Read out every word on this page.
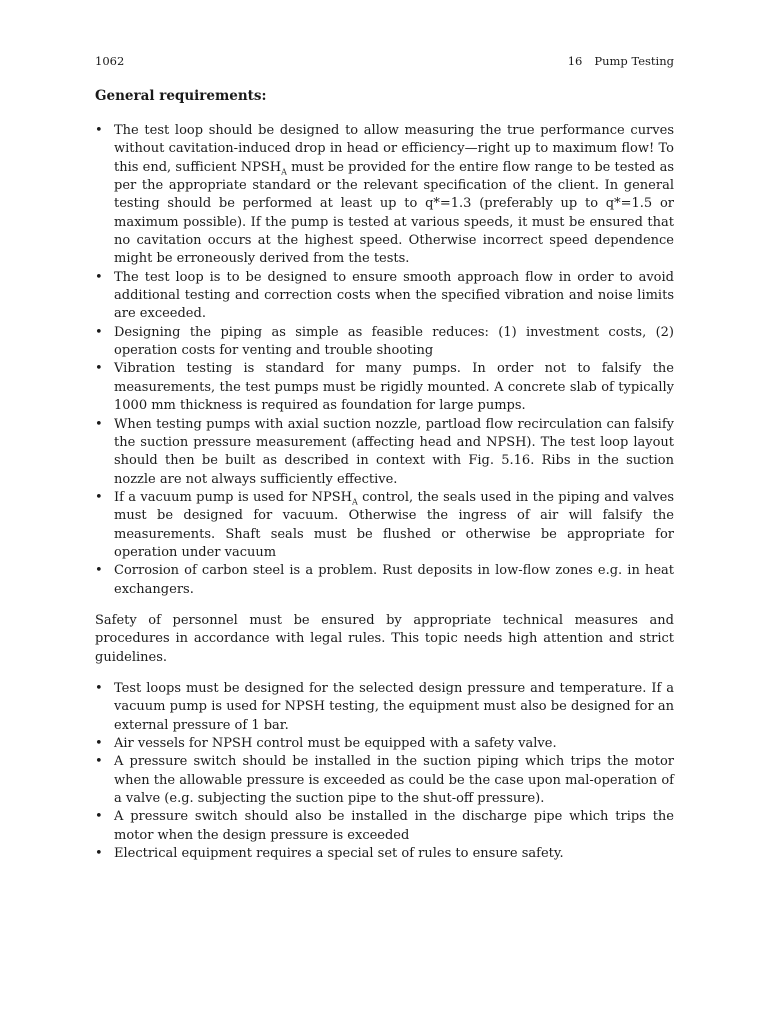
1062	16 Pump Testing
General requirements:
• The test loop should be designed to allow measuring the true performance curves without cavitation-induced drop in head or efficiency—right up to maximum flow! To this end, sufficient $NPSH_A$ must be provided for the entire flow range to be tested as per the appropriate standard or the relevant specification of the client. In general testing should be performed at least up to q*=1.3 (preferably up to q*=1.5 or maximum possible). If the pump is tested at various speeds, it must be ensured that no cavitation occurs at the highest speed. Otherwise incorrect speed dependence might be erroneously derived from the tests.
• The test loop is to be designed to ensure smooth approach flow in order to avoid additional testing and correction costs when the specified vibration and noise limits are exceeded.
• Designing the piping as simple as feasible reduces: (1) investment costs, (2) operation costs for venting and trouble shooting
• Vibration testing is standard for many pumps. In order not to falsify the measurements, the test pumps must be rigidly mounted. A concrete slab of typically 1000 mm thickness is required as foundation for large pumps.
• When testing pumps with axial suction nozzle, partload flow recirculation can falsify the suction pressure measurement (affecting head and NPSH). The test loop layout should then be built as described in context with Fig. 5.16. Ribs in the suction nozzle are not always sufficiently effective.
• If a vacuum pump is used for $NPSH_A$ control, the seals used in the piping and valves must be designed for vacuum. Otherwise the ingress of air will falsify the measurements. Shaft seals must be flushed or otherwise be appropriate for operation under vacuum
• Corrosion of carbon steel is a problem. Rust deposits in low-flow zones e.g. in heat exchangers.

Safety of personnel must be ensured by appropriate technical measures and procedures in accordance with legal rules. This topic needs high attention and strict guidelines.

• Test loops must be designed for the selected design pressure and temperature. If a vacuum pump is used for NPSH testing, the equipment must also be designed for an external pressure of 1 bar.
• Air vessels for NPSH control must be equipped with a safety valve.
• A pressure switch should be installed in the suction piping which trips the motor when the allowable pressure is exceeded as could be the case upon mal-operation of a valve (e.g. subjecting the suction pipe to the shut-off pressure).
• A pressure switch should also be installed in the discharge pipe which trips the motor when the design pressure is exceeded
• Electrical equipment requires a special set of rules to ensure safety.
